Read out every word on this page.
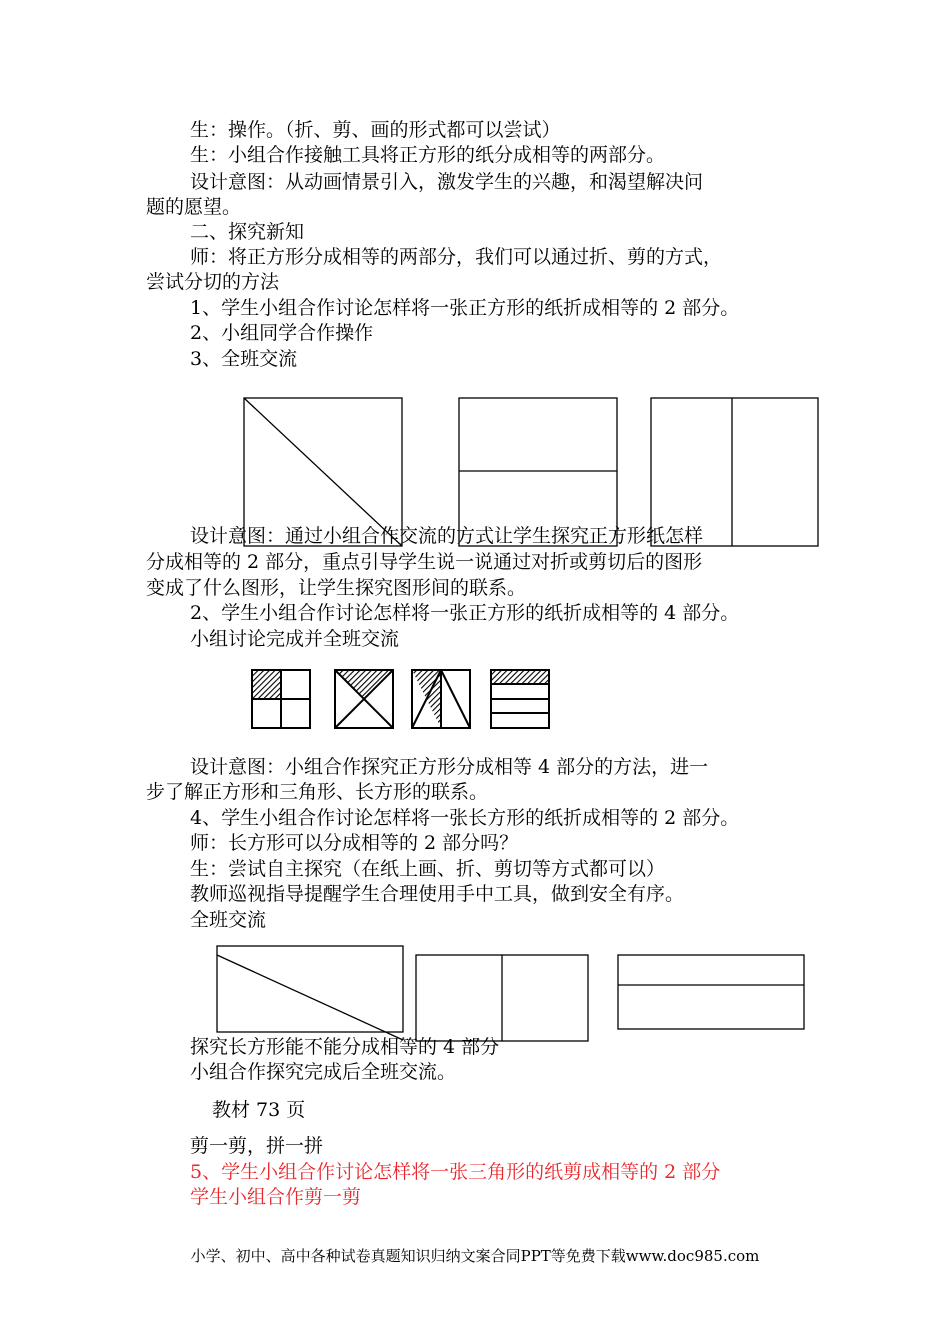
生：操作。（折、剪、画的形式都可以尝试）
生：小组合作接触工具将正方形的纸分成相等的两部分。
设计意图：从动画情景引入，激发学生的兴趣，和渴望解决问
题的愿望。
二、探究新知
师：将正方形分成相等的两部分，我们可以通过折、剪的方式，
尝试分切的方法
1、学生小组合作讨论怎样将一张正方形的纸折成相等的 2 部分。
2、小组同学合作操作
3、全班交流
设计意图：通过小组合作交流的方式让学生探究正方形纸怎样
分成相等的 2 部分，重点引导学生说一说通过对折或剪切后的图形
变成了什么图形，让学生探究图形间的联系。
2、学生小组合作讨论怎样将一张正方形的纸折成相等的 4 部分。
小组讨论完成并全班交流
设计意图：小组合作探究正方形分成相等 4 部分的方法，进一
步了解正方形和三角形、长方形的联系。
4、学生小组合作讨论怎样将一张长方形的纸折成相等的 2 部分。
师：长方形可以分成相等的 2 部分吗？
生：尝试自主探究（在纸上画、折、剪切等方式都可以）
教师巡视指导提醒学生合理使用手中工具，做到安全有序。
全班交流
探究长方形能不能分成相等的 4 部分
小组合作探究完成后全班交流。
教材 73 页
剪一剪，拼一拼
5、学生小组合作讨论怎样将一张三角形的纸剪成相等的 2 部分
学生小组合作剪一剪
小学、初中、高中各种试卷真题知识归纳文案合同PPT等免费下载www.doc985.com
